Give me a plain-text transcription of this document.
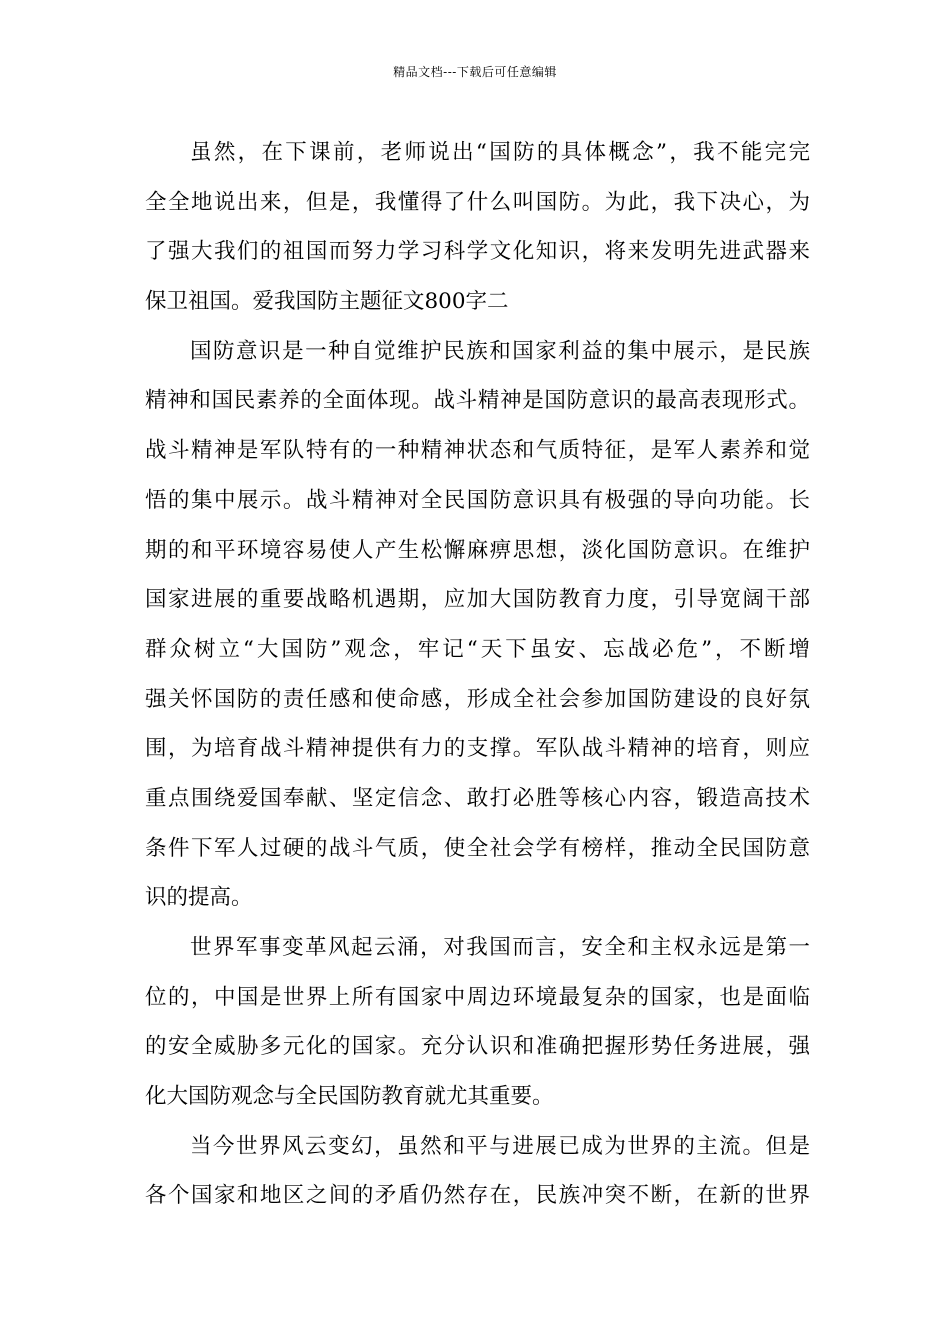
精品文档---下载后可任意编辑
虽然，在下课前，老师说出“国防的具体概念”，我不能完完
全全地说出来，但是，我懂得了什么叫国防。为此，我下决心，为
了强大我们的祖国而努力学习科学文化知识，将来发明先进武器来
保卫祖国。爱我国防主题征文800字二
国防意识是一种自觉维护民族和国家利益的集中展示，是民族
精神和国民素养的全面体现。战斗精神是国防意识的最高表现形式。
战斗精神是军队特有的一种精神状态和气质特征，是军人素养和觉
悟的集中展示。战斗精神对全民国防意识具有极强的导向功能。长
期的和平环境容易使人产生松懈麻痹思想，淡化国防意识。在维护
国家进展的重要战略机遇期，应加大国防教育力度，引导宽阔干部
群众树立“大国防”观念，牢记“天下虽安、忘战必危”，不断增
强关怀国防的责任感和使命感，形成全社会参加国防建设的良好氛
围，为培育战斗精神提供有力的支撑。军队战斗精神的培育，则应
重点围绕爱国奉献、坚定信念、敢打必胜等核心内容，锻造高技术
条件下军人过硬的战斗气质，使全社会学有榜样，推动全民国防意
识的提高。
世界军事变革风起云涌，对我国而言，安全和主权永远是第一
位的，中国是世界上所有国家中周边环境最复杂的国家，也是面临
的安全威胁多元化的国家。充分认识和准确把握形势任务进展，强
化大国防观念与全民国防教育就尤其重要。
当今世界风云变幻，虽然和平与进展已成为世界的主流。但是
各个国家和地区之间的矛盾仍然存在，民族冲突不断，在新的世界
